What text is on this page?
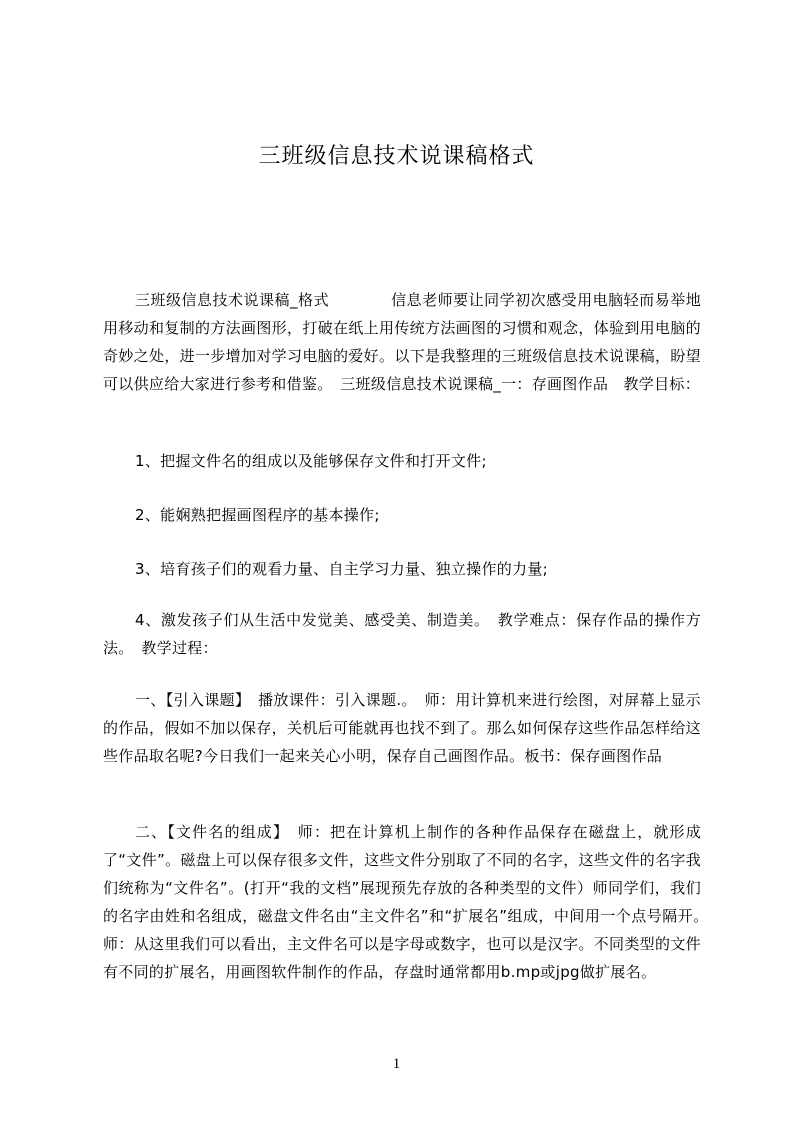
三班级信息技术说课稿格式

三班级信息技术说课稿_格式　　　　信息老师要让同学初次感受用电脑轻而易举地用移动和复制的方法画图形，打破在纸上用传统方法画图的习惯和观念，体验到用电脑的奇妙之处，进一步增加对学习电脑的爱好。以下是我整理的三班级信息技术说课稿，盼望可以供应给大家进行参考和借鉴。　三班级信息技术说课稿_一：存画图作品　教学目标：

1、把握文件名的组成以及能够保存文件和打开文件;

2、能娴熟把握画图程序的基本操作;

3、培育孩子们的观看力量、自主学习力量、独立操作的力量;

4、激发孩子们从生活中发觉美、感受美、制造美。　教学难点：保存作品的操作方法。　教学过程：

一、【引入课题】　播放课件：引入课题.。　师：用计算机来进行绘图，对屏幕上显示的作品，假如不加以保存，关机后可能就再也找不到了。那么如何保存这些作品怎样给这些作品取名呢?今日我们一起来关心小明，保存自己画图作品。板书：保存画图作品

二、【文件名的组成】　师：把在计算机上制作的各种作品保存在磁盘上，就形成了“文件”。磁盘上可以保存很多文件，这些文件分别取了不同的名字，这些文件的名字我们统称为“文件名”。(打开“我的文档”展现预先存放的各种类型的文件）师同学们，我们的名字由姓和名组成，磁盘文件名由“主文件名”和“扩展名”组成，中间用一个点号隔开。　师：从这里我们可以看出，主文件名可以是字母或数字，也可以是汉字。不同类型的文件有不同的扩展名，用画图软件制作的作品，存盘时通常都用b.mp或jpg做扩展名。

1
